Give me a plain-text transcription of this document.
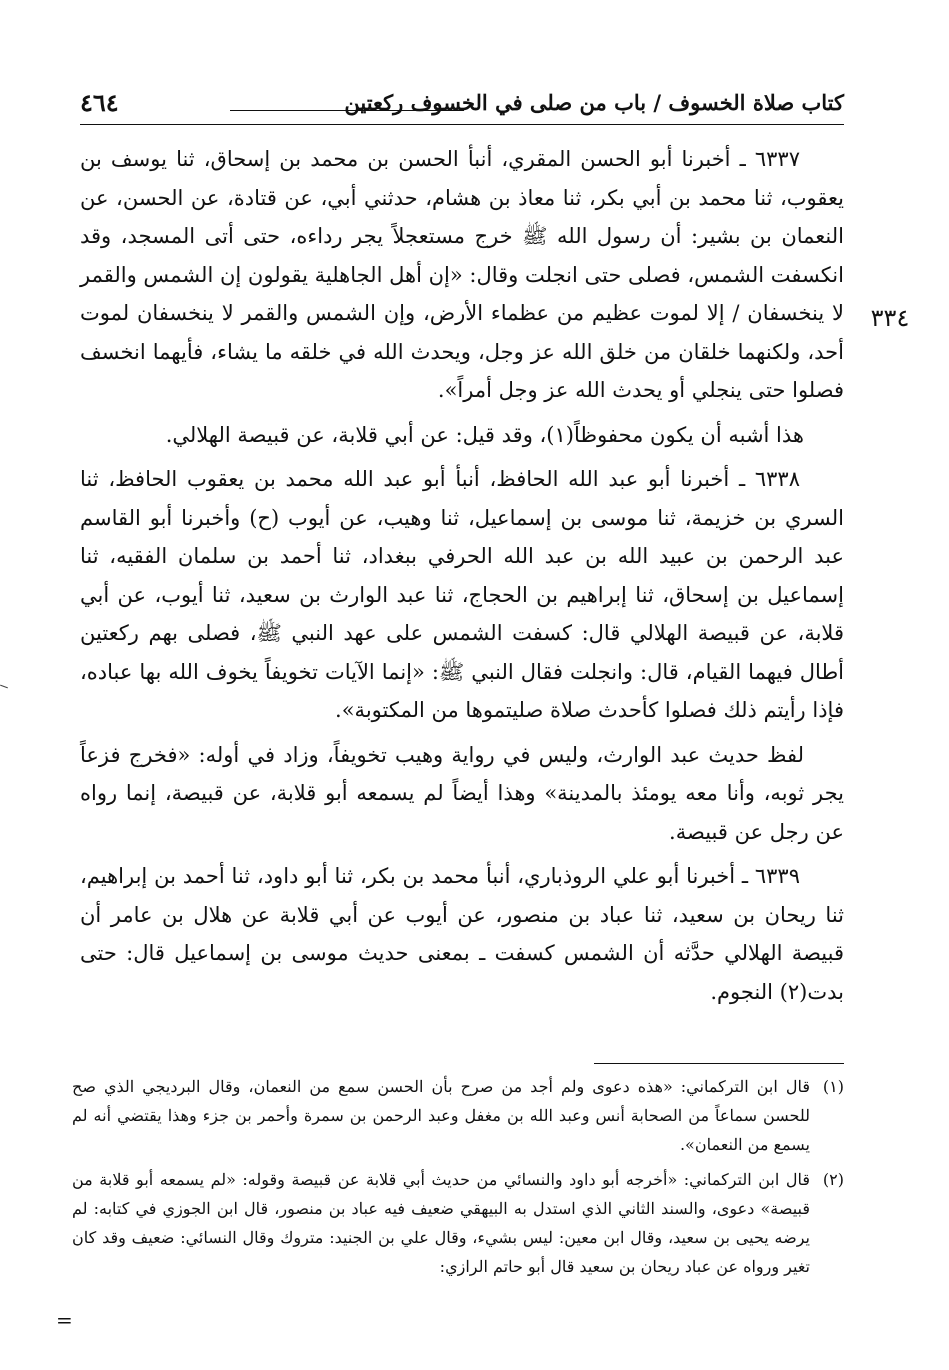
كتاب صلاة الخسوف / باب من صلى في الخسوف ركعتين
٤٦٤
٣٣٤

٦٣٣٧ ـ أخبرنا أبو الحسن المقري، أنبأ الحسن بن محمد بن إسحاق، ثنا يوسف بن يعقوب، ثنا محمد بن أبي بكر، ثنا معاذ بن هشام، حدثني أبي، عن قتادة، عن الحسن، عن النعمان بن بشير: أن رسول الله ﷺ خرج مستعجلاً يجر رداءه، حتى أتى المسجد، وقد انكسفت الشمس، فصلى حتى انجلت وقال: «إن أهل الجاهلية يقولون إن الشمس والقمر لا ينخسفان / إلا لموت عظيم من عظماء الأرض، وإن الشمس والقمر لا ينخسفان لموت أحد، ولكنهما خلقان من خلق الله عز وجل، ويحدث الله في خلقه ما يشاء، فأيهما انخسف فصلوا حتى ينجلي أو يحدث الله عز وجل أمراً».

هذا أشبه أن يكون محفوظاً(١)، وقد قيل: عن أبي قلابة، عن قبيصة الهلالي.

٦٣٣٨ ـ أخبرنا أبو عبد الله الحافظ، أنبأ أبو عبد الله محمد بن يعقوب الحافظ، ثنا السري بن خزيمة، ثنا موسى بن إسماعيل، ثنا وهيب، عن أيوب (ح) وأخبرنا أبو القاسم عبد الرحمن بن عبيد الله بن عبد الله الحرفي ببغداد، ثنا أحمد بن سلمان الفقيه، ثنا إسماعيل بن إسحاق، ثنا إبراهيم بن الحجاج، ثنا عبد الوارث بن سعيد، ثنا أيوب، عن أبي قلابة، عن قبيصة الهلالي قال: كسفت الشمس على عهد النبي ﷺ، فصلى بهم ركعتين أطال فيهما القيام، قال: وانجلت فقال النبي ﷺ: «إنما الآيات تخويفاً يخوف الله بها عباده، فإذا رأيتم ذلك فصلوا كأحدث صلاة صليتموها من المكتوبة».

لفظ حديث عبد الوارث، وليس في رواية وهيب تخويفاً، وزاد في أوله: «فخرج فزعاً يجر ثوبه، وأنا معه يومئذ بالمدينة» وهذا أيضاً لم يسمعه أبو قلابة، عن قبيصة، إنما رواه عن رجل عن قبيصة.

٦٣٣٩ ـ أخبرنا أبو علي الروذباري، أنبأ محمد بن بكر، ثنا أبو داود، ثنا أحمد بن إبراهيم، ثنا ريحان بن سعيد، ثنا عباد بن منصور، عن أيوب عن أبي قلابة عن هلال بن عامر أن قبيصة الهلالي حدَّثه أن الشمس كسفت ـ بمعنى حديث موسى بن إسماعيل قال: حتى بدت(٢) النجوم.

(١)
قال ابن التركماني: «هذه دعوى ولم أجد من صرح بأن الحسن سمع من النعمان، وقال البرديجي الذي صح للحسن سماعاً من الصحابة أنس وعبد الله بن مغفل وعبد الرحمن بن سمرة وأحمر بن جزء وهذا يقتضي أنه لم يسمع من النعمان».

(٢)
قال ابن التركماني: «أخرجه أبو داود والنسائي من حديث أبي قلابة عن قبيصة وقوله: «لم يسمعه أبو قلابة من قبيصة» دعوى، والسند الثاني الذي استدل به البيهقي ضعيف فيه عباد بن منصور، قال ابن الجوزي في كتابه: لم يرضه يحيى بن سعيد، وقال ابن معين: ليس بشيء، وقال علي بن الجنيد: متروك وقال النسائي: ضعيف وقد كان تغير ورواه عن عباد ريحان بن سعيد قال أبو حاتم الرازي:

=
